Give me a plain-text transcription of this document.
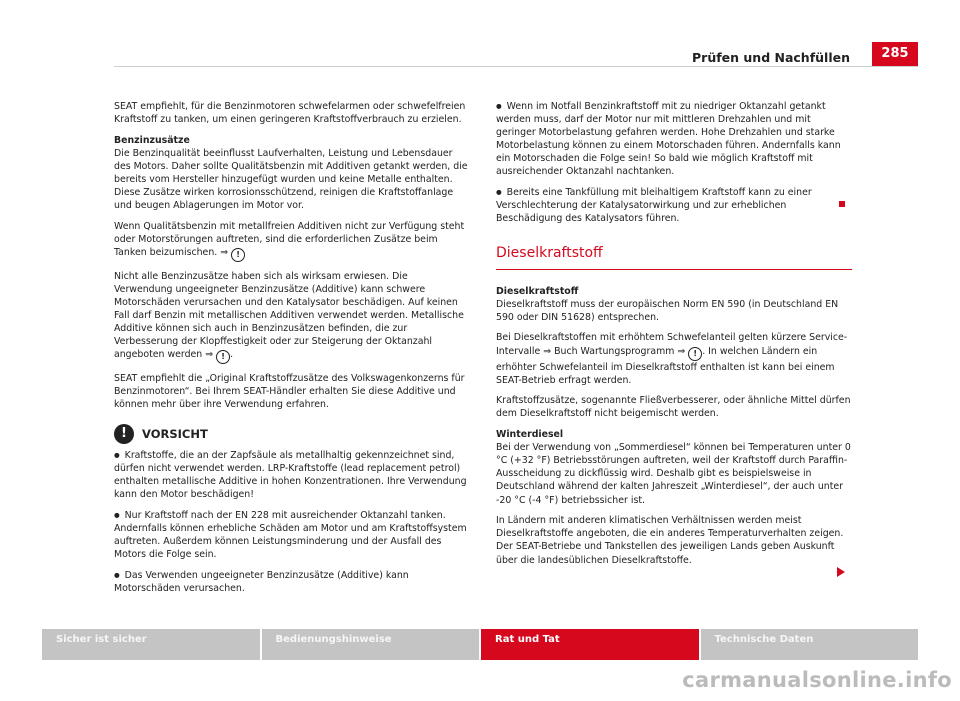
Prüfen und Nachfüllen	285

SEAT empfiehlt, für die Benzinmotoren schwefelarmen oder schwefelfreien Kraftstoff zu tanken, um einen geringeren Kraftstoffverbrauch zu erzielen.

Benzinzusätze

Die Benzinqualität beeinflusst Laufverhalten, Leistung und Lebensdauer des Motors. Daher sollte Qualitätsbenzin mit Additiven getankt werden, die bereits vom Hersteller hinzugefügt wurden und keine Metalle enthalten. Diese Zusätze wirken korrosionsschützend, reinigen die Kraftstoffanlage und beugen Ablagerungen im Motor vor.

Wenn Qualitätsbenzin mit metallfreien Additiven nicht zur Verfügung steht oder Motorstörungen auftreten, sind die erforderlichen Zusätze beim Tanken beizumischen. ⇒ !

Nicht alle Benzinzusätze haben sich als wirksam erwiesen. Die Verwendung ungeeigneter Benzinzusätze (Additive) kann schwere Motorschäden verursachen und den Katalysator beschädigen. Auf keinen Fall darf Benzin mit metallischen Additiven verwendet werden. Metallische Additive können sich auch in Benzinzusätzen befinden, die zur Verbesserung der Klopffestigkeit oder zur Steigerung der Oktanzahl angeboten werden ⇒ ! .

SEAT empfiehlt die „Original Kraftstoffzusätze des Volkswagenkonzerns für Benzinmotoren“. Bei Ihrem SEAT-Händler erhalten Sie diese Additive und können mehr über ihre Verwendung erfahren.

!	VORSICHT

● Kraftstoffe, die an der Zapfsäule als metallhaltig gekennzeichnet sind, dürfen nicht verwendet werden. LRP-Kraftstoffe (lead replacement petrol) enthalten metallische Additive in hohen Konzentrationen. Ihre Verwendung kann den Motor beschädigen!

● Nur Kraftstoff nach der EN 228 mit ausreichender Oktanzahl tanken. Andernfalls können erhebliche Schäden am Motor und am Kraftstoffsystem auftreten. Außerdem können Leistungsminderung und der Ausfall des Motors die Folge sein.

● Das Verwenden ungeeigneter Benzinzusätze (Additive) kann Motorschäden verursachen.

● Wenn im Notfall Benzinkraftstoff mit zu niedriger Oktanzahl getankt werden muss, darf der Motor nur mit mittleren Drehzahlen und mit geringer Motorbelastung gefahren werden. Hohe Drehzahlen und starke Motorbelastung können zu einem Motorschaden führen. Andernfalls kann ein Motorschaden die Folge sein! So bald wie möglich Kraftstoff mit ausreichender Oktanzahl nachtanken.

● Bereits eine Tankfüllung mit bleihaltigem Kraftstoff kann zu einer Verschlechterung der Katalysatorwirkung und zur erheblichen Beschädigung des Katalysators führen.

Dieselkraftstoff

Dieselkraftstoff

Dieselkraftstoff muss der europäischen Norm EN 590 (in Deutschland EN 590 oder DIN 51628) entsprechen.

Bei Dieselkraftstoffen mit erhöhtem Schwefelanteil gelten kürzere Service-Intervalle ⇒ Buch Wartungsprogramm ⇒ ! . In welchen Ländern ein erhöhter Schwefelanteil im Dieselkraftstoff enthalten ist kann bei einem SEAT-Betrieb erfragt werden.

Kraftstoffzusätze, sogenannte Fließverbesserer, oder ähnliche Mittel dürfen dem Dieselkraftstoff nicht beigemischt werden.

Winterdiesel

Bei der Verwendung von „Sommerdiesel“ können bei Temperaturen unter 0 °C (+32 °F) Betriebsstörungen auftreten, weil der Kraftstoff durch Paraffin-Ausscheidung zu dickflüssig wird. Deshalb gibt es beispielsweise in Deutschland während der kalten Jahreszeit „Winterdiesel“, der auch unter -20 °C (-4 °F) betriebssicher ist.

In Ländern mit anderen klimatischen Verhältnissen werden meist Dieselkraftstoffe angeboten, die ein anderes Temperaturverhalten zeigen. Der SEAT-Betriebe und Tankstellen des jeweiligen Lands geben Auskunft über die landesüblichen Dieselkraftstoffe.

Sicher ist sicher	Bedienungshinweise	Rat und Tat	Technische Daten
carmanualsonline.info
